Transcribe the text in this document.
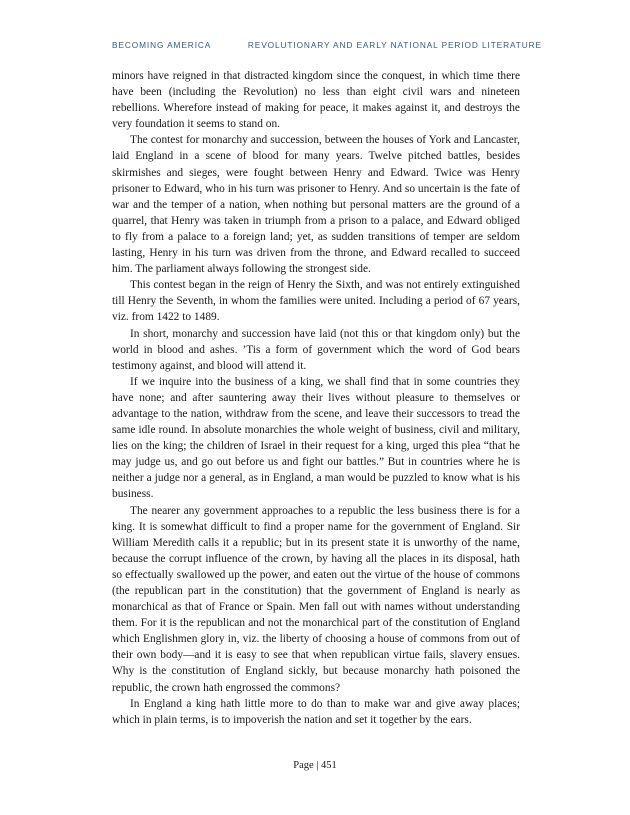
BECOMING AMERICA	REVOLUTIONARY AND EARLY NATIONAL PERIOD LITERATURE

minors have reigned in that distracted kingdom since the conquest, in which time there have been (including the Revolution) no less than eight civil wars and nineteen rebellions. Wherefore instead of making for peace, it makes against it, and destroys the very foundation it seems to stand on.

The contest for monarchy and succession, between the houses of York and Lancaster, laid England in a scene of blood for many years. Twelve pitched battles, besides skirmishes and sieges, were fought between Henry and Edward. Twice was Henry prisoner to Edward, who in his turn was prisoner to Henry. And so uncertain is the fate of war and the temper of a nation, when nothing but personal matters are the ground of a quarrel, that Henry was taken in triumph from a prison to a palace, and Edward obliged to fly from a palace to a foreign land; yet, as sudden transitions of temper are seldom lasting, Henry in his turn was driven from the throne, and Edward recalled to succeed him. The parliament always following the strongest side.

This contest began in the reign of Henry the Sixth, and was not entirely extinguished till Henry the Seventh, in whom the families were united. Including a period of 67 years, viz. from 1422 to 1489.

In short, monarchy and succession have laid (not this or that kingdom only) but the world in blood and ashes. ’Tis a form of government which the word of God bears testimony against, and blood will attend it.

If we inquire into the business of a king, we shall find that in some countries they have none; and after sauntering away their lives without pleasure to themselves or advantage to the nation, withdraw from the scene, and leave their successors to tread the same idle round. In absolute monarchies the whole weight of business, civil and military, lies on the king; the children of Israel in their request for a king, urged this plea “that he may judge us, and go out before us and fight our battles.” But in countries where he is neither a judge nor a general, as in England, a man would be puzzled to know what is his business.

The nearer any government approaches to a republic the less business there is for a king. It is somewhat difficult to find a proper name for the government of England. Sir William Meredith calls it a republic; but in its present state it is unworthy of the name, because the corrupt influence of the crown, by having all the places in its disposal, hath so effectually swallowed up the power, and eaten out the virtue of the house of commons (the republican part in the constitution) that the government of England is nearly as monarchical as that of France or Spain. Men fall out with names without understanding them. For it is the republican and not the monarchical part of the constitution of England which Englishmen glory in, viz. the liberty of choosing a house of commons from out of their own body—and it is easy to see that when republican virtue fails, slavery ensues. Why is the constitution of England sickly, but because monarchy hath poisoned the republic, the crown hath engrossed the commons?

In England a king hath little more to do than to make war and give away places; which in plain terms, is to impoverish the nation and set it together by the ears.

Page | 451
